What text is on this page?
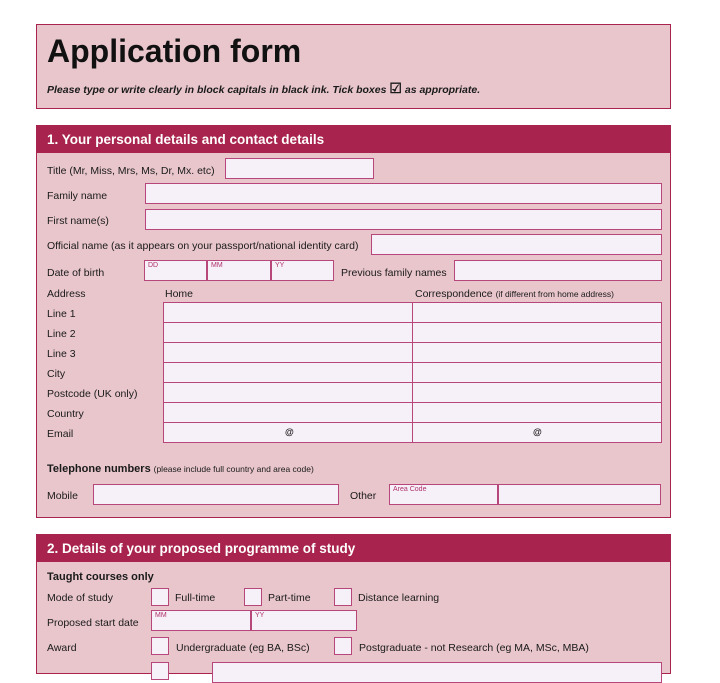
Application form
Please type or write clearly in block capitals in black ink. Tick boxes ☑ as appropriate.
1. Your personal details and contact details
Title (Mr, Miss, Mrs, Ms, Dr, Mx. etc)
Family name
First name(s)
Official name (as it appears on your passport/national identity card)
Date of birth
DD	MM	YY
Previous family names
Address	Home	Correspondence (if different from home address)
Line 1
Line 2
Line 3
City
Postcode (UK only)
Country
Email	@	@
Telephone numbers (please include full country and area code)
Mobile	Other
Area Code
2. Details of your proposed programme of study
Taught courses only
Mode of study	Full-time	Part-time	Distance learning
Proposed start date
MM	YY
Award	Undergraduate (eg BA, BSc)	Postgraduate - not Research (eg MA, MSc, MBA)
